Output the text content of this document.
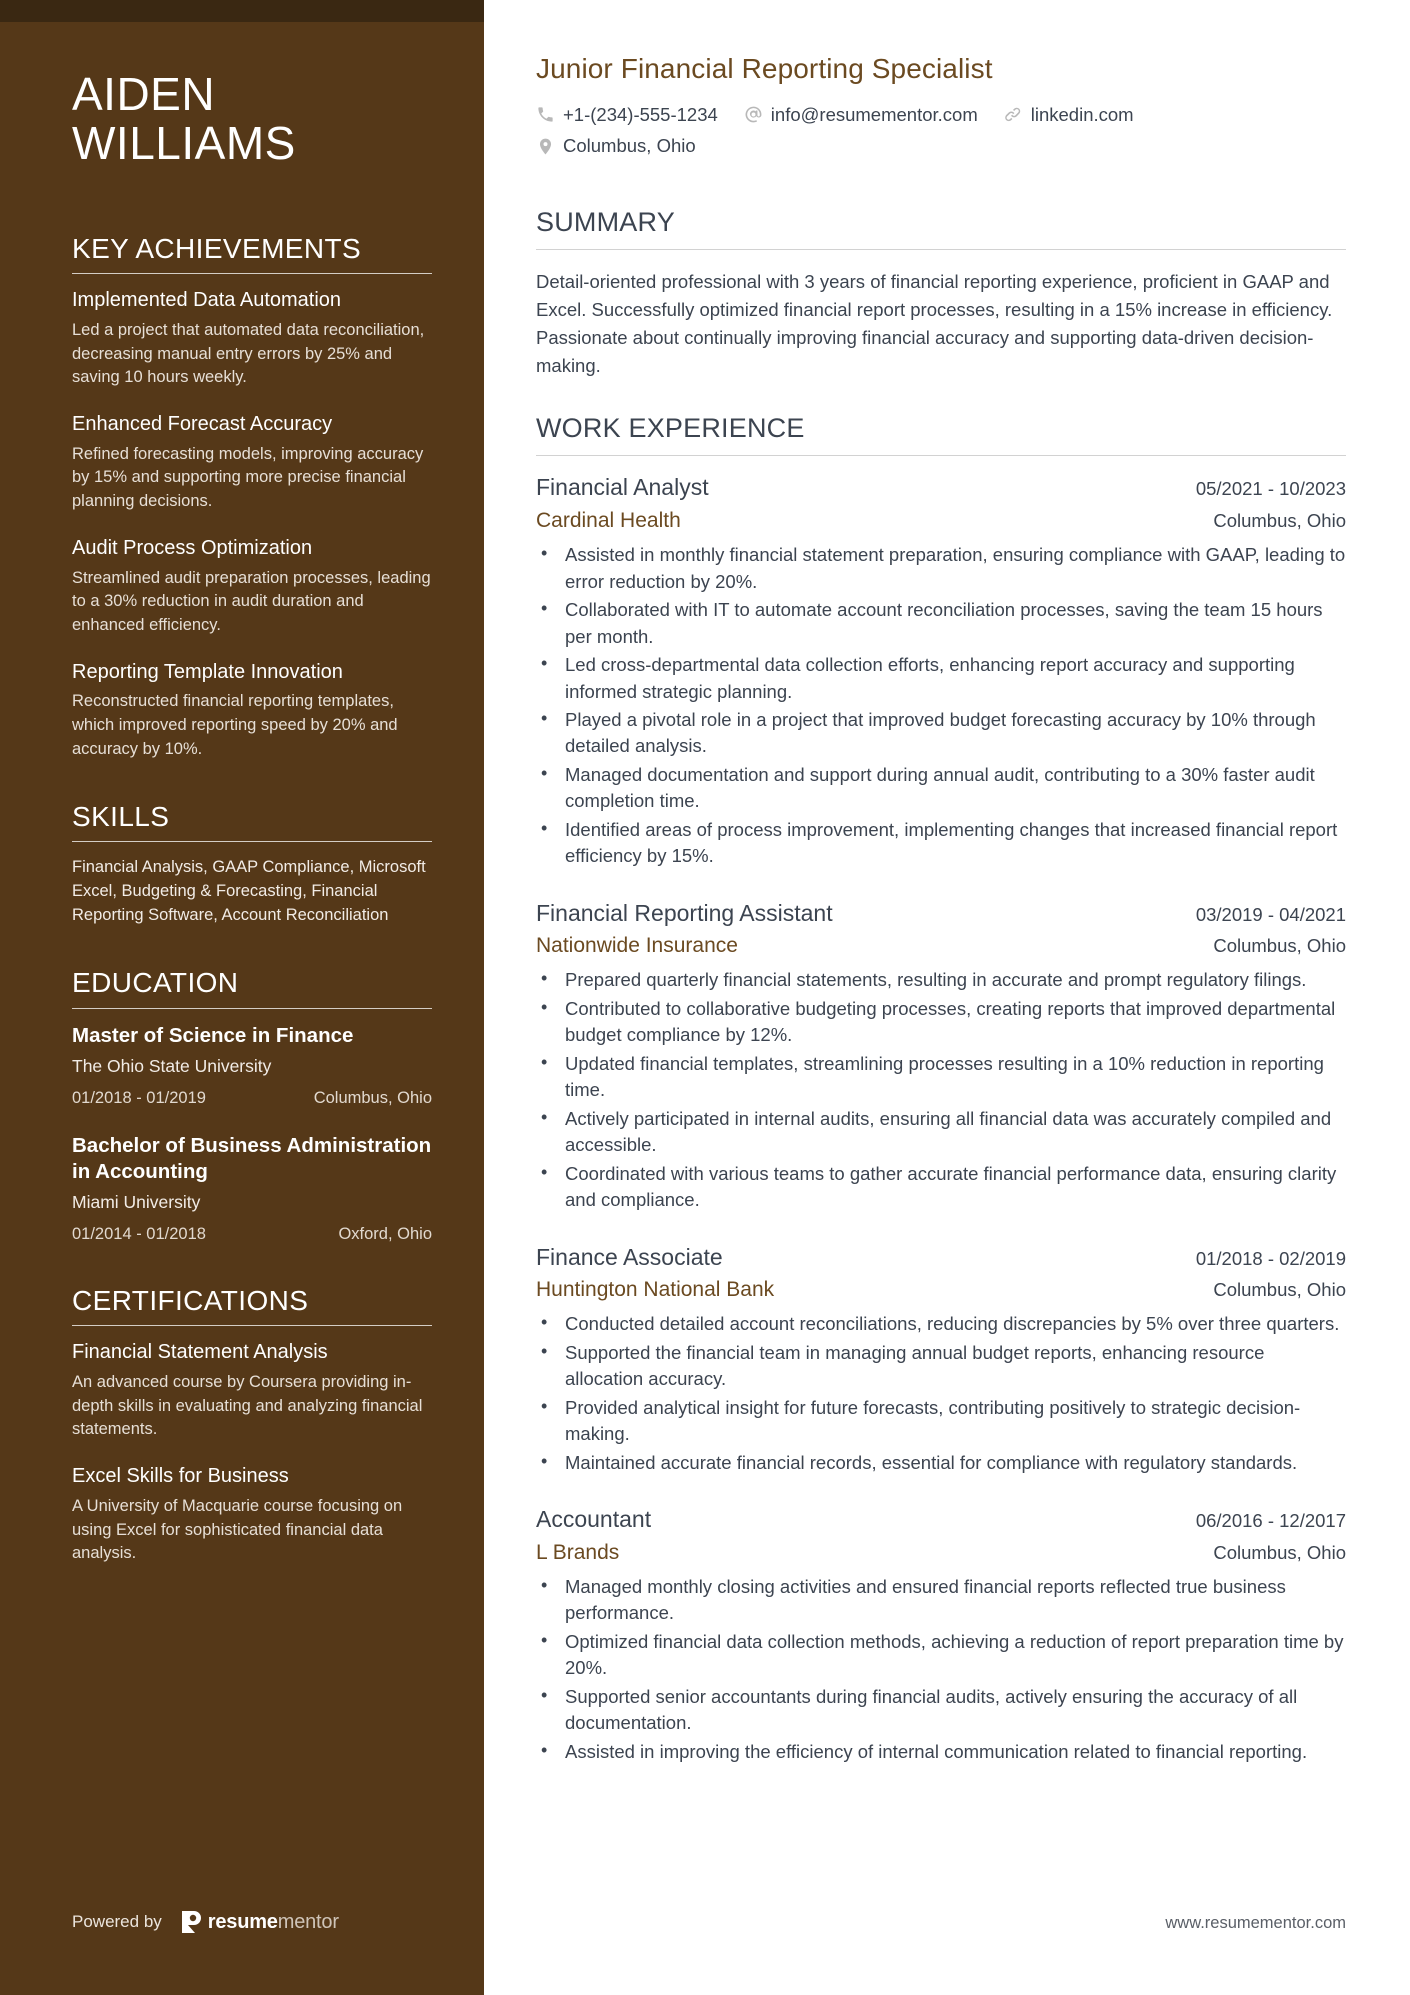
AIDEN
WILLIAMS
KEY ACHIEVEMENTS
Implemented Data Automation
Led a project that automated data reconciliation, decreasing manual entry errors by 25% and saving 10 hours weekly.
Enhanced Forecast Accuracy
Refined forecasting models, improving accuracy by 15% and supporting more precise financial planning decisions.
Audit Process Optimization
Streamlined audit preparation processes, leading to a 30% reduction in audit duration and enhanced efficiency.
Reporting Template Innovation
Reconstructed financial reporting templates, which improved reporting speed by 20% and accuracy by 10%.
SKILLS
Financial Analysis, GAAP Compliance, Microsoft Excel, Budgeting & Forecasting, Financial Reporting Software, Account Reconciliation
EDUCATION
Master of Science in Finance
The Ohio State University
01/2018 - 01/2019	Columbus, Ohio
Bachelor of Business Administration in Accounting
Miami University
01/2014 - 01/2018	Oxford, Ohio
CERTIFICATIONS
Financial Statement Analysis
An advanced course by Coursera providing in-depth skills in evaluating and analyzing financial statements.
Excel Skills for Business
A University of Macquarie course focusing on using Excel for sophisticated financial data analysis.
Powered by resumementor
Junior Financial Reporting Specialist
+1-(234)-555-1234	info@resumementor.com	linkedin.com
Columbus, Ohio
SUMMARY

Detail-oriented professional with 3 years of financial reporting experience, proficient in GAAP and Excel. Successfully optimized financial report processes, resulting in a 15% increase in efficiency. Passionate about continually improving financial accuracy and supporting data-driven decision-making.

WORK EXPERIENCE
Financial Analyst	05/2021 - 10/2023
Cardinal Health	Columbus, Ohio
• Assisted in monthly financial statement preparation, ensuring compliance with GAAP, leading to error reduction by 20%.
• Collaborated with IT to automate account reconciliation processes, saving the team 15 hours per month.
• Led cross-departmental data collection efforts, enhancing report accuracy and supporting informed strategic planning.
• Played a pivotal role in a project that improved budget forecasting accuracy by 10% through detailed analysis.
• Managed documentation and support during annual audit, contributing to a 30% faster audit completion time.
• Identified areas of process improvement, implementing changes that increased financial report efficiency by 15%.
Financial Reporting Assistant	03/2019 - 04/2021
Nationwide Insurance	Columbus, Ohio
• Prepared quarterly financial statements, resulting in accurate and prompt regulatory filings.
• Contributed to collaborative budgeting processes, creating reports that improved departmental budget compliance by 12%.
• Updated financial templates, streamlining processes resulting in a 10% reduction in reporting time.
• Actively participated in internal audits, ensuring all financial data was accurately compiled and accessible.
• Coordinated with various teams to gather accurate financial performance data, ensuring clarity and compliance.
Finance Associate	01/2018 - 02/2019
Huntington National Bank	Columbus, Ohio
• Conducted detailed account reconciliations, reducing discrepancies by 5% over three quarters.
• Supported the financial team in managing annual budget reports, enhancing resource allocation accuracy.
• Provided analytical insight for future forecasts, contributing positively to strategic decision-making.
• Maintained accurate financial records, essential for compliance with regulatory standards.
Accountant	06/2016 - 12/2017
L Brands	Columbus, Ohio
• Managed monthly closing activities and ensured financial reports reflected true business performance.
• Optimized financial data collection methods, achieving a reduction of report preparation time by 20%.
• Supported senior accountants during financial audits, actively ensuring the accuracy of all documentation.
• Assisted in improving the efficiency of internal communication related to financial reporting.
www.resumementor.com
